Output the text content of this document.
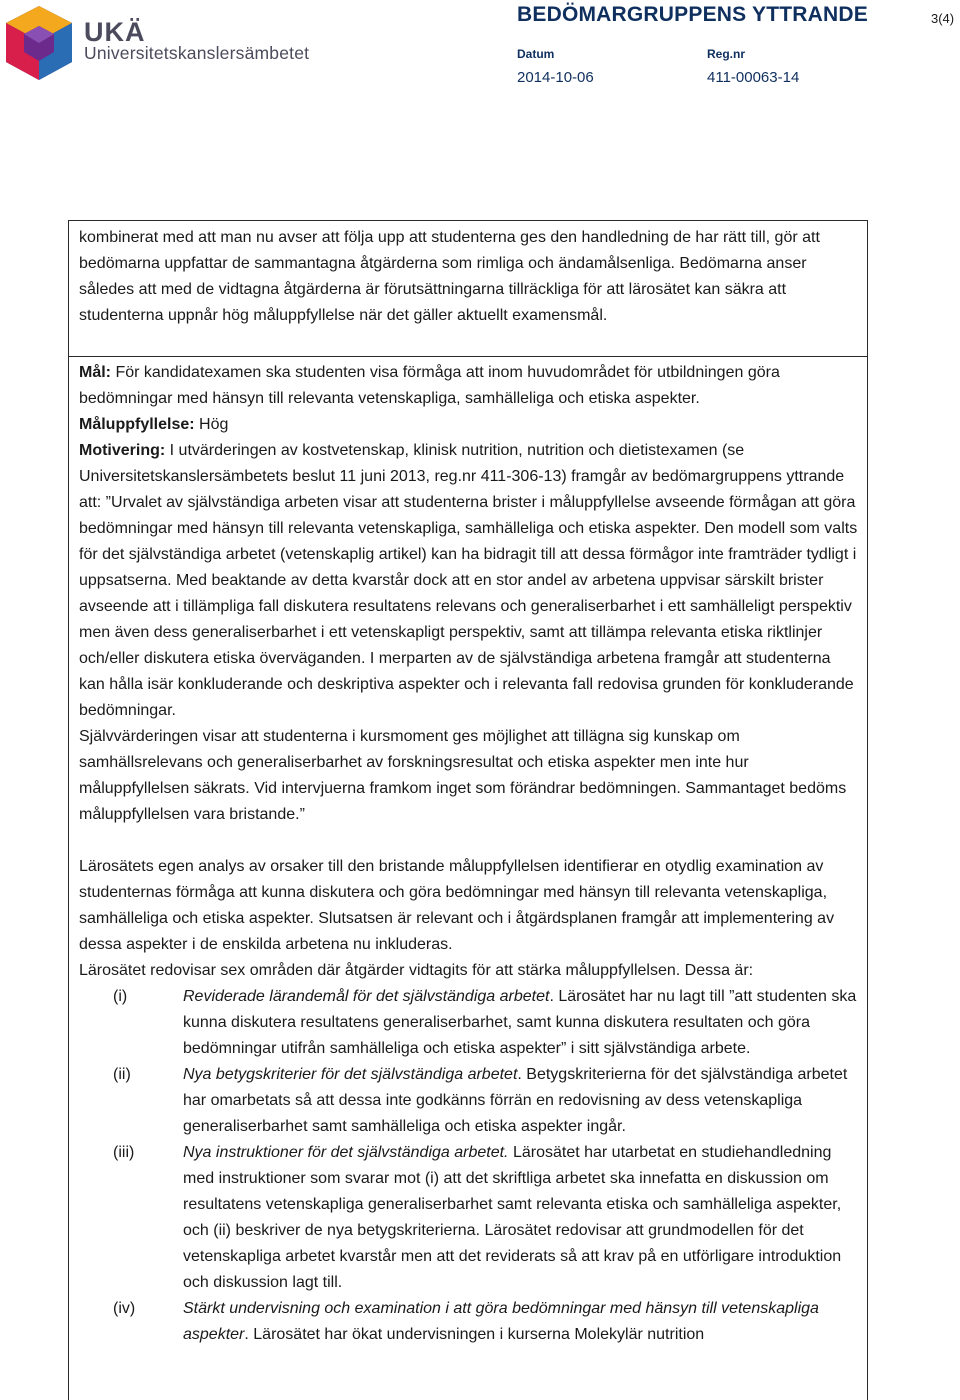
UKÄ
Universitetskanslersämbetet
BEDÖMARGRUPPENS YTTRANDE	3(4)
Datum
2014-10-06
Reg.nr
411-00063-14

kombinerat med att man nu avser att följa upp att studenterna ges den handledning de har rätt till, gör att bedömarna uppfattar de sammantagna åtgärderna som rimliga och ändamålsenliga. Bedömarna anser således att med de vidtagna åtgärderna är förutsättningarna tillräckliga för att lärosätet kan säkra att studenterna uppnår hög måluppfyllelse när det gäller aktuellt examensmål.

Mål: För kandidatexamen ska studenten visa förmåga att inom huvudområdet för utbildningen göra bedömningar med hänsyn till relevanta vetenskapliga, samhälleliga och etiska aspekter.

Måluppfyllelse: Hög

Motivering: I utvärderingen av kostvetenskap, klinisk nutrition, nutrition och dietistexamen (se Universitetskanslersämbetets beslut 11 juni 2013, reg.nr 411-306-13) framgår av bedömargruppens yttrande att: ”Urvalet av självständiga arbeten visar att studenterna brister i måluppfyllelse avseende förmågan att göra bedömningar med hänsyn till relevanta vetenskapliga, samhälleliga och etiska aspekter. Den modell som valts för det självständiga arbetet (vetenskaplig artikel) kan ha bidragit till att dessa förmågor inte framträder tydligt i uppsatserna. Med beaktande av detta kvarstår dock att en stor andel av arbetena uppvisar särskilt brister avseende att i tillämpliga fall diskutera resultatens relevans och generaliserbarhet i ett samhälleligt perspektiv men även dess generaliserbarhet i ett vetenskapligt perspektiv, samt att tillämpa relevanta etiska riktlinjer och/eller diskutera etiska överväganden. I merparten av de självständiga arbetena framgår att studenterna kan hålla isär konkluderande och deskriptiva aspekter och i relevanta fall redovisa grunden för konkluderande bedömningar.

Självvärderingen visar att studenterna i kursmoment ges möjlighet att tillägna sig kunskap om samhällsrelevans och generaliserbarhet av forskningsresultat och etiska aspekter men inte hur måluppfyllelsen säkrats. Vid intervjuerna framkom inget som förändrar bedömningen. Sammantaget bedöms måluppfyllelsen vara bristande.”

Lärosätets egen analys av orsaker till den bristande måluppfyllelsen identifierar en otydlig examination av studenternas förmåga att kunna diskutera och göra bedömningar med hänsyn till relevanta vetenskapliga, samhälleliga och etiska aspekter. Slutsatsen är relevant och i åtgärdsplanen framgår att implementering av dessa aspekter i de enskilda arbetena nu inkluderas.

Lärosätet redovisar sex områden där åtgärder vidtagits för att stärka måluppfyllelsen. Dessa är:

(i)	Reviderade lärandemål för det självständiga arbetet. Lärosätet har nu lagt till ”att studenten ska kunna diskutera resultatens generaliserbarhet, samt kunna diskutera resultaten och göra bedömningar utifrån samhälleliga och etiska aspekter” i sitt självständiga arbete.
(ii)	Nya betygskriterier för det självständiga arbetet. Betygskriterierna för det självständiga arbetet har omarbetats så att dessa inte godkänns förrän en redovisning av dess vetenskapliga generaliserbarhet samt samhälleliga och etiska aspekter ingår.
(iii)	Nya instruktioner för det självständiga arbetet. Lärosätet har utarbetat en studiehandledning med instruktioner som svarar mot (i) att det skriftliga arbetet ska innefatta en diskussion om resultatens vetenskapliga generaliserbarhet samt relevanta etiska och samhälleliga aspekter, och (ii) beskriver de nya betygskriterierna. Lärosätet redovisar att grundmodellen för det vetenskapliga arbetet kvarstår men att det reviderats så att krav på en utförligare introduktion och diskussion lagt till.
(iv)	Stärkt undervisning och examination i att göra bedömningar med hänsyn till vetenskapliga aspekter. Lärosätet har ökat undervisningen i kurserna Molekylär nutrition
